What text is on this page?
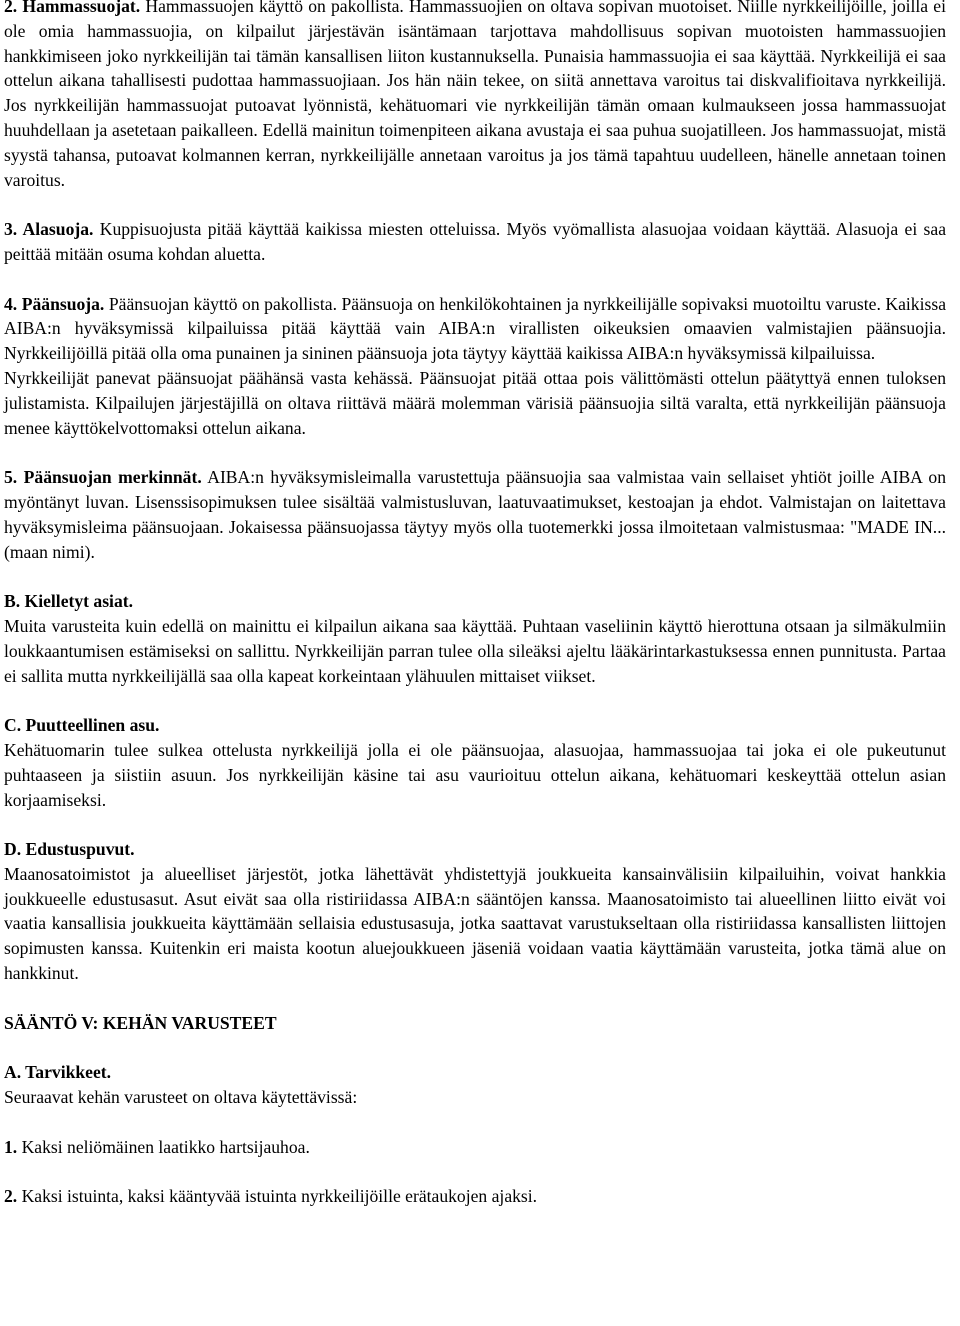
2. Hammassuojat. Hammassuojen käyttö on pakollista. Hammassuojien on oltava sopivan muotoiset. Niille nyrkkeilijöille, joilla ei ole omia hammassuojia, on kilpailut järjestävän isäntämaan tarjottava mahdollisuus sopivan muotoisten hammassuojien hankkimiseen joko nyrkkeilijän tai tämän kansallisen liiton kustannuksella. Punaisia hammassuojia ei saa käyttää. Nyrkkeilijä ei saa ottelun aikana tahallisesti pudottaa hammassuojiaan. Jos hän näin tekee, on siitä annettava varoitus tai diskvalifioitava nyrkkeilijä. Jos nyrkkeilijän hammassuojat putoavat lyönnistä, kehätuomari vie nyrkkeilijän tämän omaan kulmaukseen jossa hammassuojat huuhdellaan ja asetetaan paikalleen. Edellä mainitun toimenpiteen aikana avustaja ei saa puhua suojatilleen. Jos hammassuojat, mistä syystä tahansa, putoavat kolmannen kerran, nyrkkeilijälle annetaan varoitus ja jos tämä tapahtuu uudelleen, hänelle annetaan toinen varoitus.

3. Alasuoja. Kuppisuojusta pitää käyttää kaikissa miesten otteluissa. Myös vyömallista alasuojaa voidaan käyttää. Alasuoja ei saa peittää mitään osuma kohdan aluetta.

4. Päänsuoja. Päänsuojan käyttö on pakollista. Päänsuoja on henkilökohtainen ja nyrkkeilijälle sopivaksi muotoiltu varuste. Kaikissa AIBA:n hyväksymissä kilpailuissa pitää käyttää vain AIBA:n virallisten oikeuksien omaavien valmistajien päänsuojia. Nyrkkeilijöillä pitää olla oma punainen ja sininen päänsuoja jota täytyy käyttää kaikissa AIBA:n hyväksymissä kilpailuissa.

Nyrkkeilijät panevat päänsuojat päähänsä vasta kehässä. Päänsuojat pitää ottaa pois välittömästi ottelun päätyttyä ennen tuloksen julistamista. Kilpailujen järjestäjillä on oltava riittävä määrä molemman värisiä päänsuojia siltä varalta, että nyrkkeilijän päänsuoja menee käyttökelvottomaksi ottelun aikana.

5. Päänsuojan merkinnät. AIBA:n hyväksymisleimalla varustettuja päänsuojia saa valmistaa vain sellaiset yhtiöt joille AIBA on myöntänyt luvan. Lisenssisopimuksen tulee sisältää valmistusluvan, laatuvaatimukset, kestoajan ja ehdot. Valmistajan on laitettava hyväksymisleima päänsuojaan. Jokaisessa päänsuojassa täytyy myös olla tuotemerkki jossa ilmoitetaan valmistusmaa: "MADE IN... (maan nimi).

B. Kielletyt asiat.

Muita varusteita kuin edellä on mainittu ei kilpailun aikana saa käyttää. Puhtaan vaseliinin käyttö hierottuna otsaan ja silmäkulmiin loukkaantumisen estämiseksi on sallittu. Nyrkkeilijän parran tulee olla sileäksi ajeltu lääkärintarkastuksessa ennen punnitusta. Partaa ei sallita mutta nyrkkeilijällä saa olla kapeat korkeintaan ylähuulen mittaiset viikset.

C. Puutteellinen asu.

Kehätuomarin tulee sulkea ottelusta nyrkkeilijä jolla ei ole päänsuojaa, alasuojaa, hammassuojaa tai joka ei ole pukeutunut puhtaaseen ja siistiin asuun. Jos nyrkkeilijän käsine tai asu vaurioituu ottelun aikana, kehätuomari keskeyttää ottelun asian korjaamiseksi.

D. Edustuspuvut.

Maanosatoimistot ja alueelliset järjestöt, jotka lähettävät yhdistettyjä joukkueita kansainvälisiin kilpailuihin, voivat hankkia joukkueelle edustusasut. Asut eivät saa olla ristiriidassa AIBA:n sääntöjen kanssa. Maanosatoimisto tai alueellinen liitto eivät voi vaatia kansallisia joukkueita käyttämään sellaisia edustusasuja, jotka saattavat varustukseltaan olla ristiriidassa kansallisten liittojen sopimusten kanssa. Kuitenkin eri maista kootun aluejoukkueen jäseniä voidaan vaatia käyttämään varusteita, jotka tämä alue on hankkinut.

SÄÄNTÖ V: KEHÄN VARUSTEET

A. Tarvikkeet.

Seuraavat kehän varusteet on oltava käytettävissä:

1. Kaksi neliömäinen laatikko hartsijauhoa.

2. Kaksi istuinta, kaksi kääntyvää istuinta nyrkkeilijöille erätaukojen ajaksi.
